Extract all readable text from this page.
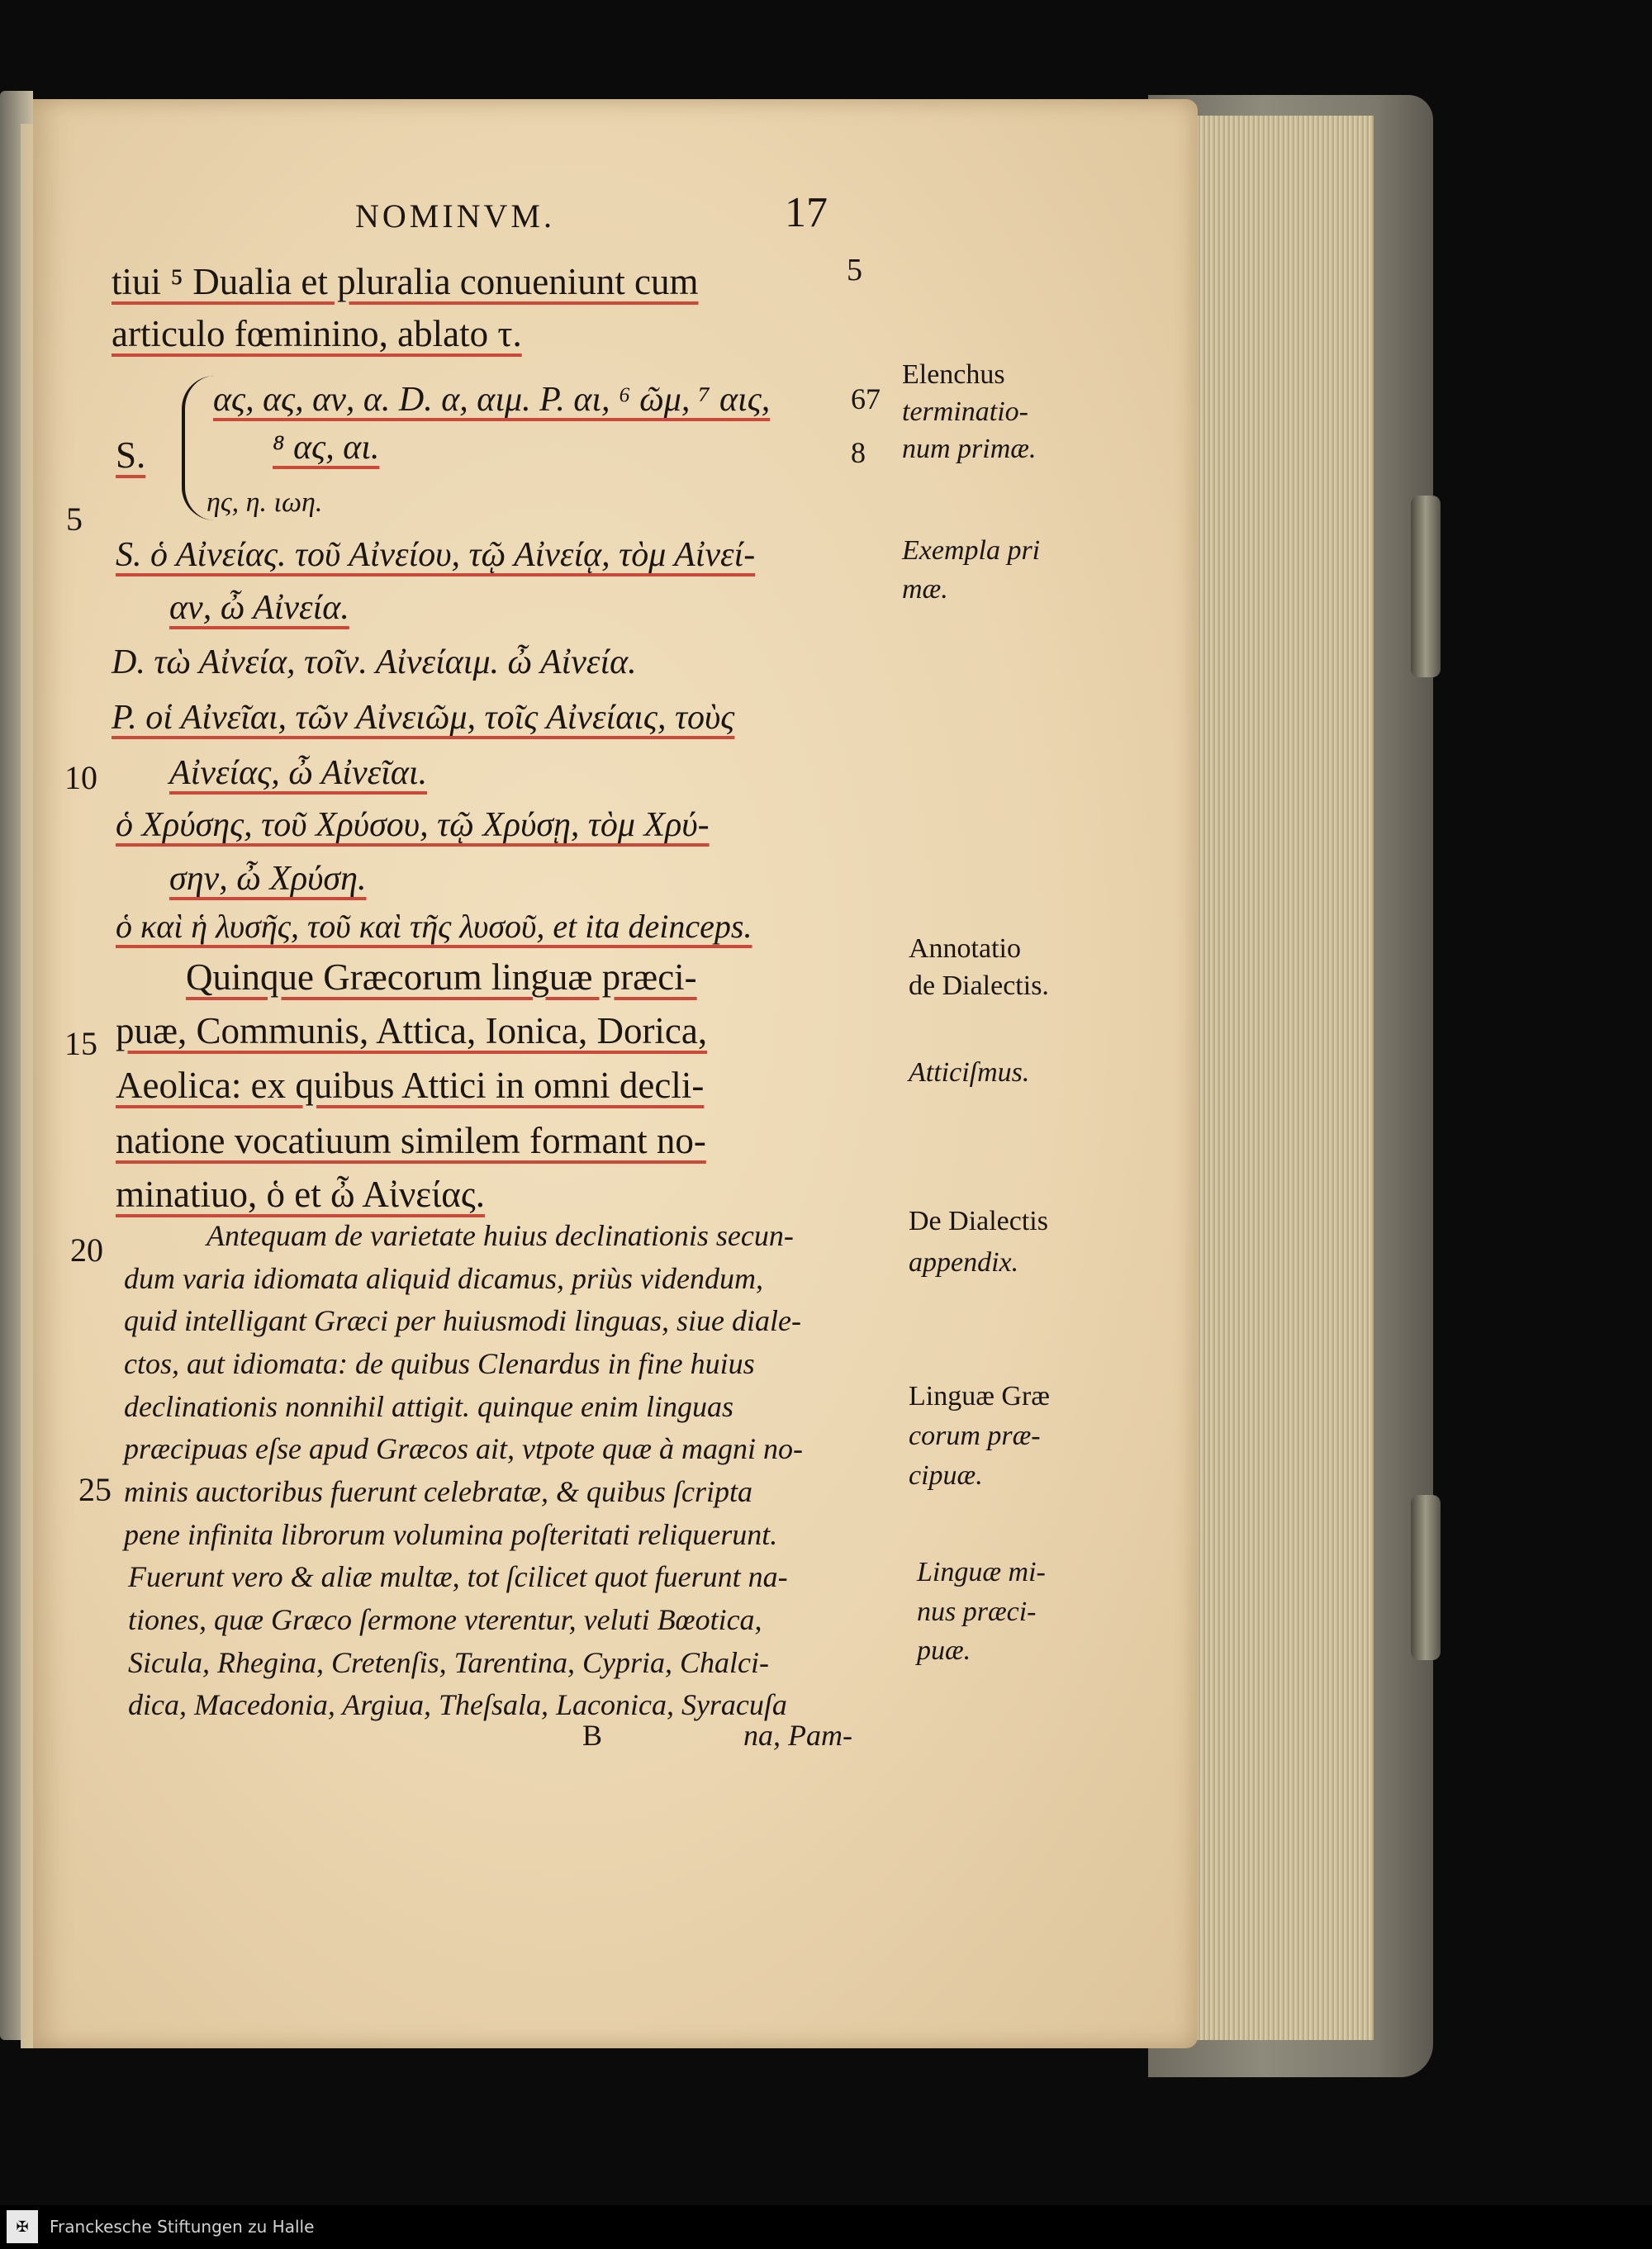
NOMINVM.	17
tiui ⁵ Dualia et pluralia conueniunt cum
articulo fœminino, ablato τ.
ας, ας, αν, α. D. α, αιμ. P. αι, ⁶ ῶμ, ⁷ αις,
⁸ ας, αι.
ης, η. ιωη.
S. ὁ Αἰνείας. τοῦ Αἰνείου, τῷ Αἰνείᾳ, τὸμ Αἰνεί-
αν, ὦ Αἰνεία.
D. τὼ Αἰνεία, τοῖν. Αἰνείαιμ. ὦ Αἰνεία.
P. οἱ Αἰνεῖαι, τῶν Αἰνειῶμ, τοῖς Αἰνείαις, τοὺς
Αἰνείας, ὦ Αἰνεῖαι.
ὁ Χρύσης, τοῦ Χρύσου, τῷ Χρύσῃ, τὸμ Χρύ-
σην, ὦ Χρύση.
ὁ καὶ ἡ λυσῆς, τοῦ καὶ τῆς λυσοῦ, et ita deinceps.
Quinque Græcorum linguæ præci-
puæ, Communis, Attica, Ionica, Dorica,
Aeolica: ex quibus Attici in omni decli-
natione vocatiuum similem formant no-
minatiuo, ὁ et ὦ Αἰνείας.
Antequam de varietate huius declinationis secun-
dum varia idiomata aliquid dicamus, priùs videndum,
quid intelligant Græci per huiusmodi linguas, siue diale-
ctos, aut idiomata: de quibus Clenardus in fine huius
declinationis nonnihil attigit. quinque enim linguas
præcipuas eſse apud Græcos ait, vtpote quæ à magni no-
minis auctoribus fuerunt celebratæ, & quibus ſcripta
pene infinita librorum volumina poſteritati reliquerunt.
Fuerunt vero & aliæ multæ, tot ſcilicet quot fuerunt na-
tiones, quæ Græco ſermone vterentur, veluti Bœotica,
Sicula, Rhegina, Cretenſis, Tarentina, Cypria, Chalci-
dica, Macedonia, Argiua, Theſsala, Laconica, Syracuſa
B	na, Pam-
5
10
15
20
25
S.
5
67
8
Elenchus
terminatio-
num primæ.
Exempla pri
mæ.
Annotatio
de Dialectis.
Atticiſmus.
De Dialectis
appendix.
Linguæ Græ
corum præ-
cipuæ.
Linguæ mi-
nus præci-
puæ.
✠	Franckesche Stiftungen zu Halle
